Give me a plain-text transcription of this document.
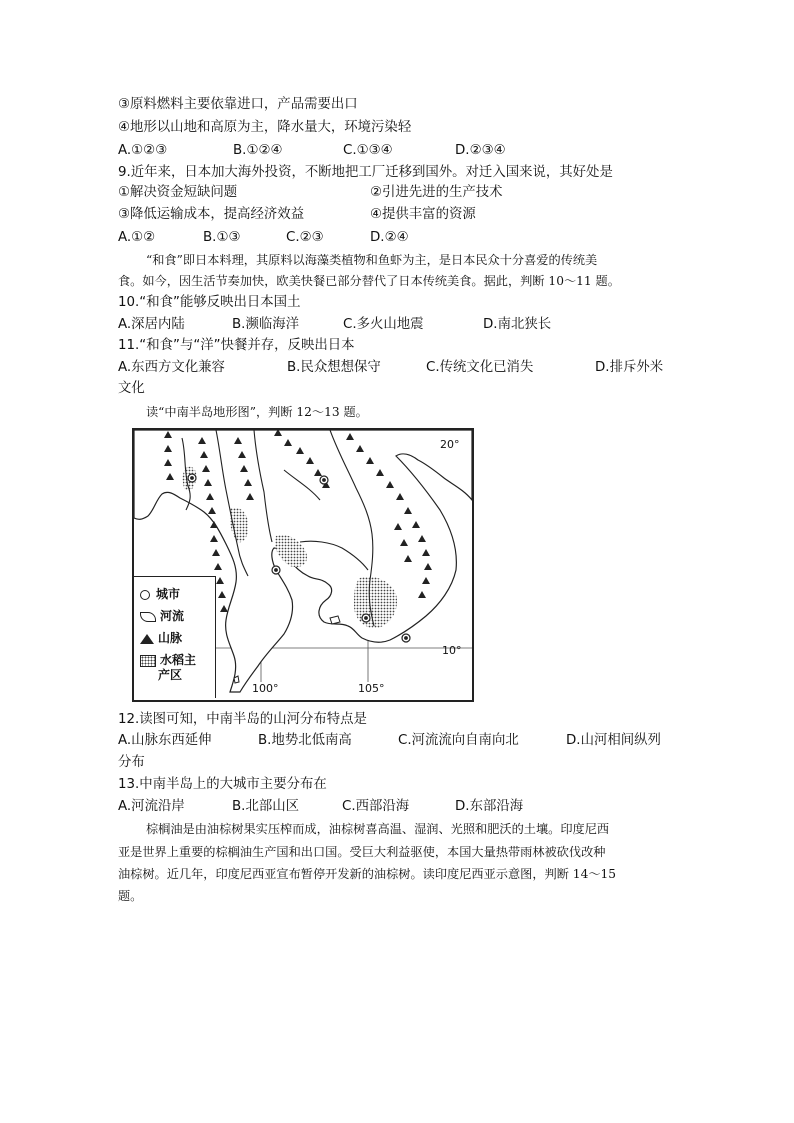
③原料燃料主要依靠进口，产品需要出口
④地形以山地和高原为主，降水量大，环境污染轻
A.①②③	B.①②④	C.①③④	D.②③④
9.近年来，日本加大海外投资，不断地把工厂迁移到国外。对迁入国来说，其好处是
①解决资金短缺问题	②引进先进的生产技术
③降低运输成本，提高经济效益	④提供丰富的资源
A.①②	B.①③	C.②③	D.②④
“和食”即日本料理，其原料以海藻类植物和鱼虾为主，是日本民众十分喜爱的传统美
食。如今，因生活节奏加快，欧美快餐已部分替代了日本传统美食。据此，判断 10～11 题。
10.“和食”能够反映出日本国土
A.深居内陆	B.濒临海洋	C.多火山地震	D.南北狭长
11.“和食”与“洋”快餐并存，反映出日本
A.东西方文化兼容	B.民众想想保守	C.传统文化已消失	D.排斥外米
文化
读“中南半岛地形图”，判断 12～13 题。
20°
10°
100°	105°
城市
河流
山脉
水稻主
产区
12.读图可知，中南半岛的山河分布特点是
A.山脉东西延伸	B.地势北低南高	C.河流流向自南向北	D.山河相间纵列
分布
13.中南半岛上的大城市主要分布在
A.河流沿岸	B.北部山区	C.西部沿海	D.东部沿海
棕榈油是由油棕树果实压榨而成，油棕树喜高温、湿润、光照和肥沃的土壤。印度尼西
亚是世界上重要的棕榈油生产国和出口国。受巨大利益驱使，本国大量热带雨林被砍伐改种
油棕树。近几年，印度尼西亚宣布暂停开发新的油棕树。读印度尼西亚示意图，判断 14～15
题。
